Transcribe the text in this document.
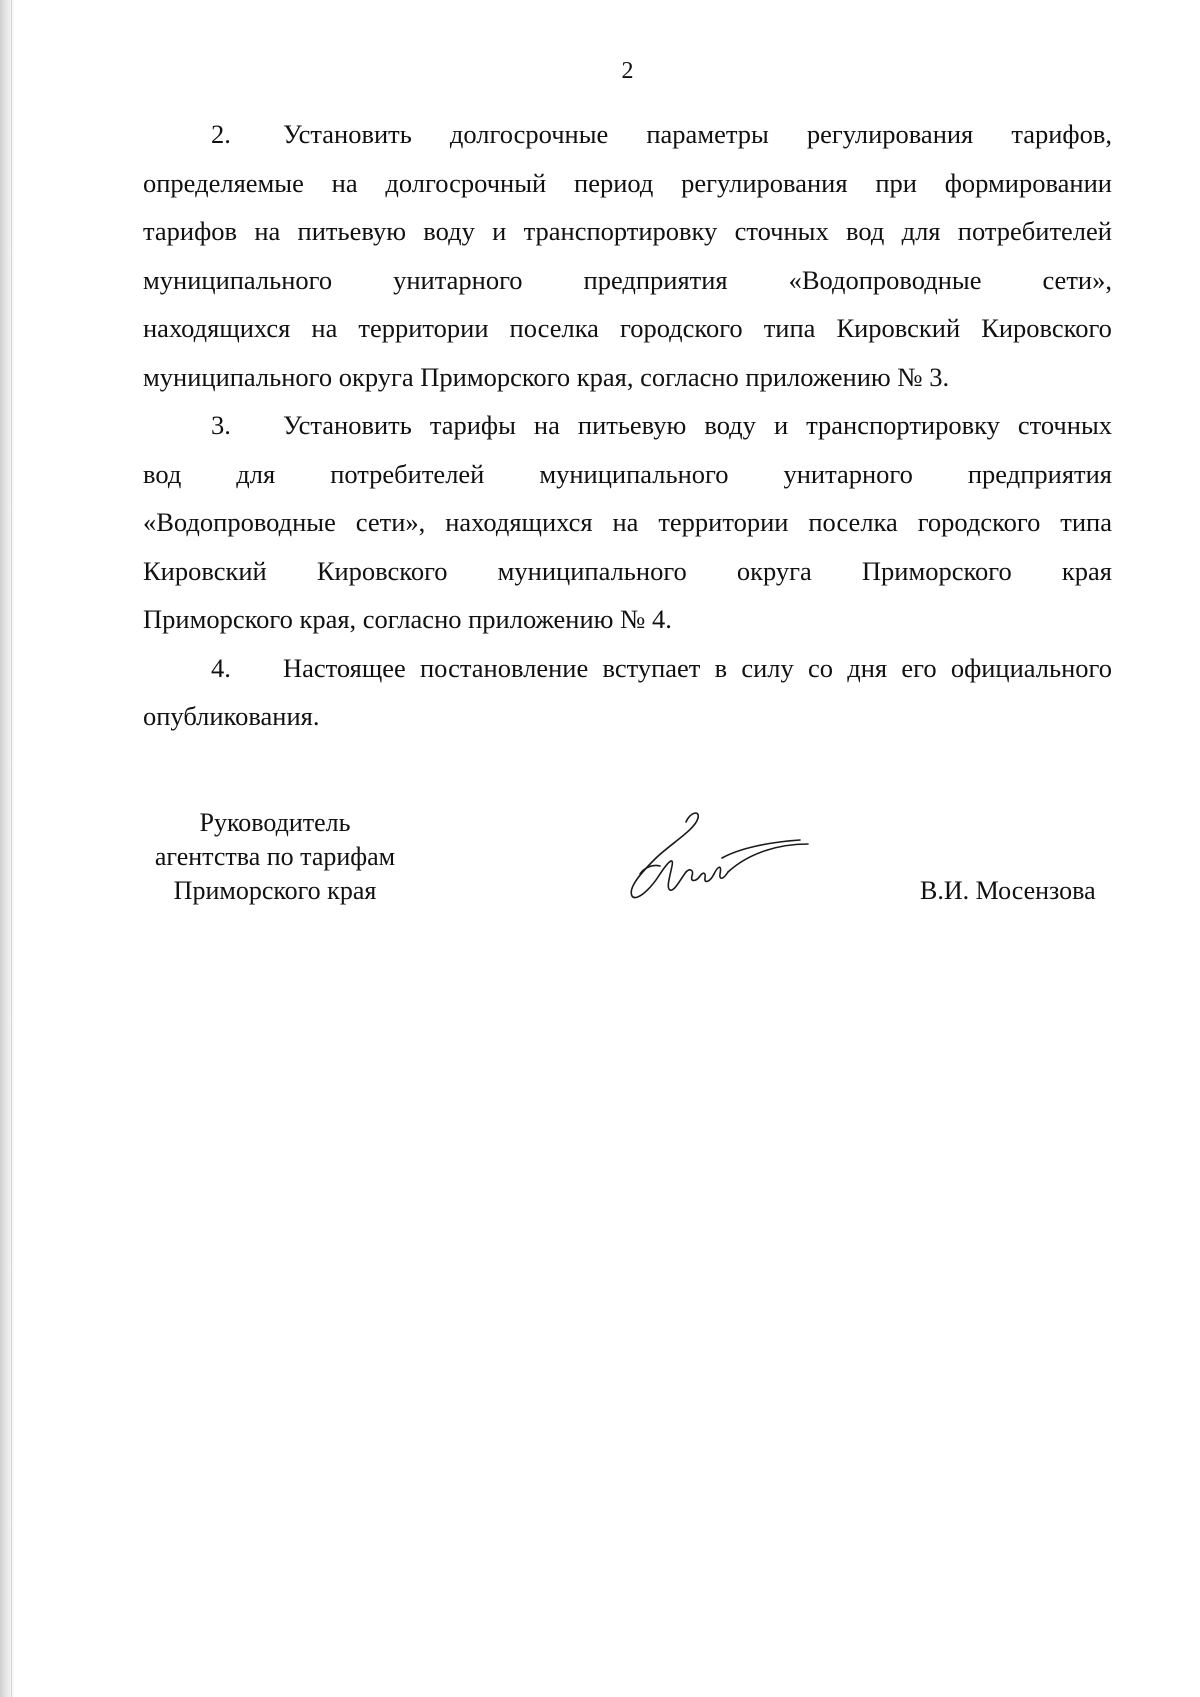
2
2.	Установить долгосрочные параметры регулирования тарифов,
определяемые на долгосрочный период регулирования при формировании
тарифов на питьевую воду и транспортировку сточных вод для потребителей
муниципального унитарного предприятия «Водопроводные сети»,
находящихся на территории поселка городского типа Кировский Кировского
муниципального округа Приморского края, согласно приложению № 3.
3.	Установить тарифы на питьевую воду и транспортировку сточных
вод для потребителей муниципального унитарного предприятия
«Водопроводные сети», находящихся на территории поселка городского типа
Кировский Кировского муниципального округа Приморского края
Приморского края, согласно приложению № 4.
4.	Настоящее постановление вступает в силу со дня его официального
опубликования.
Руководитель
агентства по тарифам
Приморского края	В.И. Мосензова
